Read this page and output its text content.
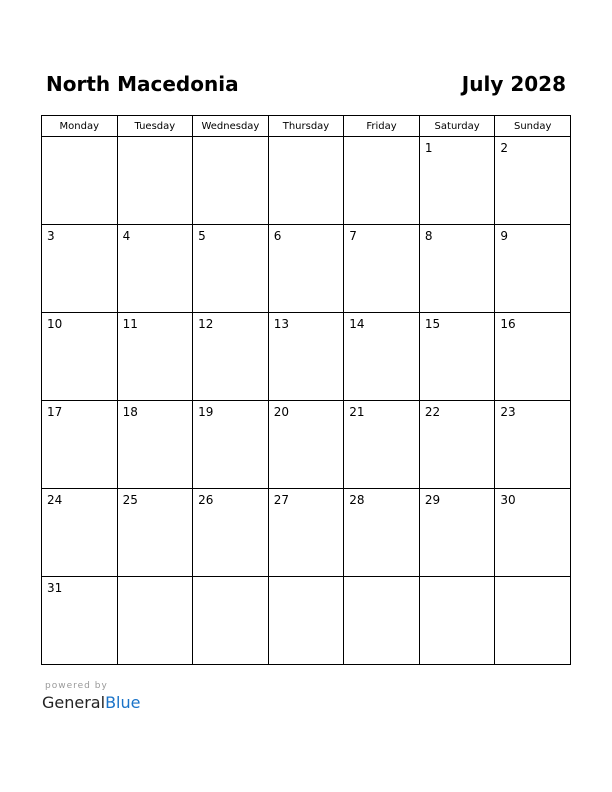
North Macedonia	July 2028
Monday	Tuesday	Wednesday	Thursday	Friday	Saturday	Sunday

					1	2

3	4	5	6	7	8	9

10	11	12	13	14	15	16

17	18	19	20	21	22	23

24	25	26	27	28	29	30

31						

powered by
GeneralBlue
